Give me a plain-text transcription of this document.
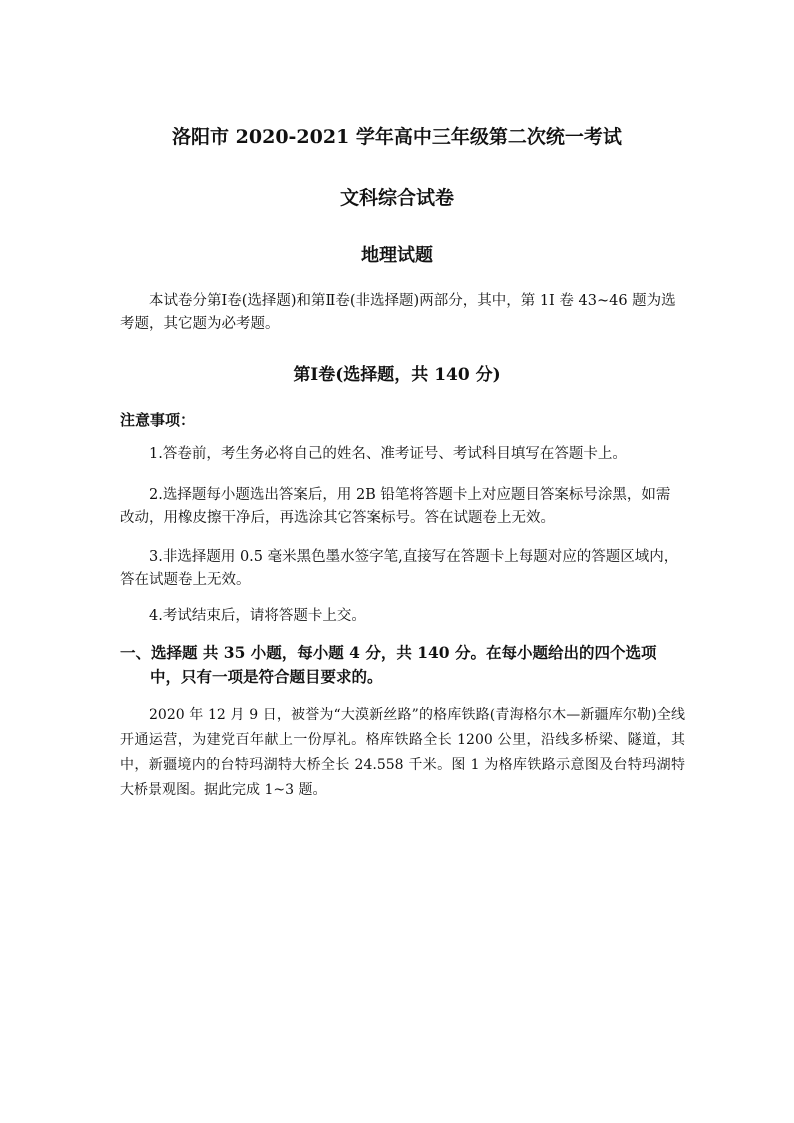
洛阳市 2020-2021 学年高中三年级第二次统一考试
文科综合试卷
地理试题
本试卷分第Ⅰ卷(选择题)和第Ⅱ卷(非选择题)两部分，其中，第 1I 卷 43~46 题为选考题，其它题为必考题。
第Ⅰ卷(选择题，共 140 分)
注意事项：
1.答卷前，考生务必将自己的姓名、准考证号、考试科目填写在答题卡上。
2.选择题每小题选出答案后，用 2B 铅笔将答题卡上对应题目答案标号涂黑，如需改动，用橡皮擦干净后，再选涂其它答案标号。答在试题卷上无效。
3.非选择题用 0.5 毫米黑色墨水签字笔,直接写在答题卡上每题对应的答题区域内，答在试题卷上无效。
4.考试结束后，请将答题卡上交。
一、选择题 共 35 小题，每小题 4 分，共 140 分。在每小题给出的四个选项中，只有一项是符合题目要求的。
2020 年 12 月 9 日，被誉为“大漠新丝路”的格库铁路(青海格尔木—新疆库尔勒)全线开通运营，为建党百年献上一份厚礼。格库铁路全长 1200 公里，沿线多桥梁、隧道，其中，新疆境内的台特玛湖特大桥全长 24.558 千米。图 1 为格库铁路示意图及台特玛湖特大桥景观图。据此完成 1~3 题。
